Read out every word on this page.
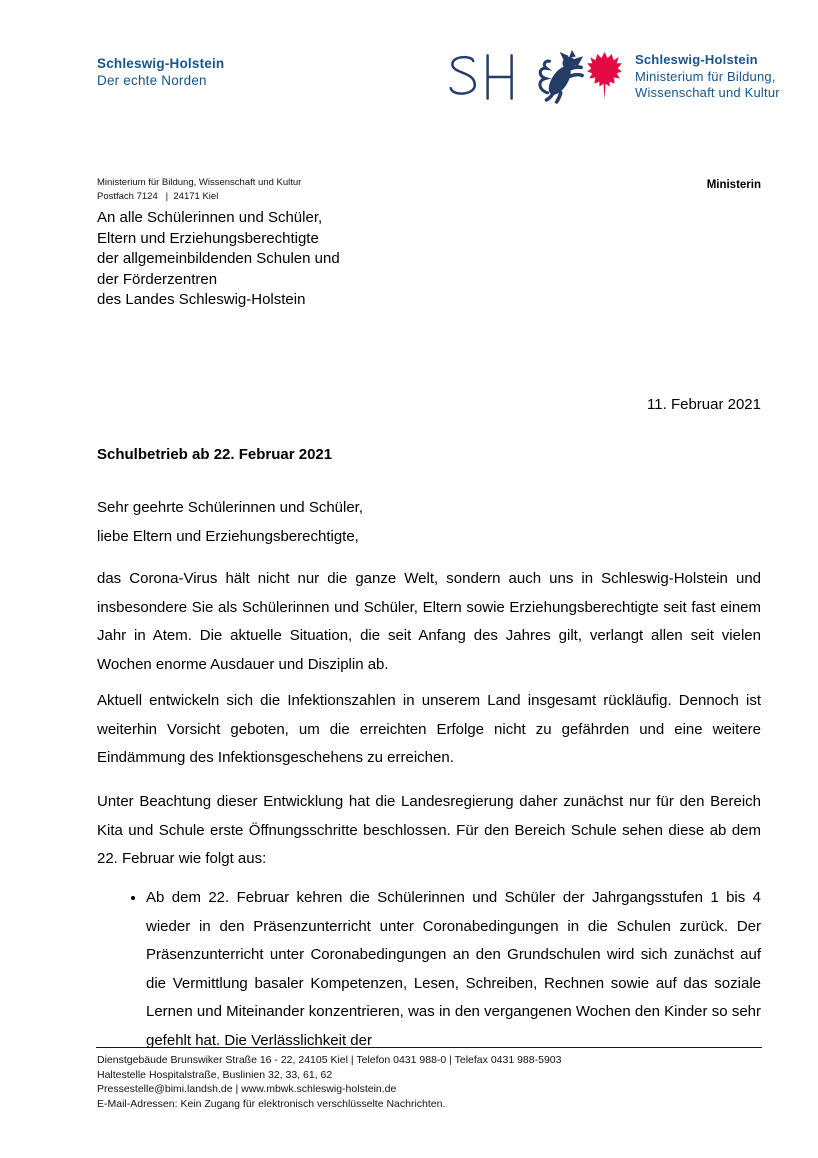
Schleswig-Holstein
Der echte Norden
Schleswig-Holstein
Ministerium für Bildung,
Wissenschaft und Kultur
Ministerium für Bildung, Wissenschaft und Kultur
Postfach 7124   |  24171 Kiel
Ministerin
An alle Schülerinnen und Schüler,
Eltern und Erziehungsberechtigte
der allgemeinbildenden Schulen und
der Förderzentren
des Landes Schleswig-Holstein
11. Februar 2021
Schulbetrieb ab 22. Februar 2021
Sehr geehrte Schülerinnen und Schüler,
liebe Eltern und Erziehungsberechtigte,
das Corona-Virus hält nicht nur die ganze Welt, sondern auch uns in Schleswig-Holstein und insbesondere Sie als Schülerinnen und Schüler, Eltern sowie Erziehungsberechtigte seit fast einem Jahr in Atem. Die aktuelle Situation, die seit Anfang des Jahres gilt, verlangt allen seit vielen Wochen enorme Ausdauer und Disziplin ab.
Aktuell entwickeln sich die Infektionszahlen in unserem Land insgesamt rückläufig. Dennoch ist weiterhin Vorsicht geboten, um die erreichten Erfolge nicht zu gefährden und eine weitere Eindämmung des Infektionsgeschehens zu erreichen.
Unter Beachtung dieser Entwicklung hat die Landesregierung daher zunächst nur für den Bereich Kita und Schule erste Öffnungsschritte beschlossen. Für den Bereich Schule sehen diese ab dem 22. Februar wie folgt aus:
• Ab dem 22. Februar kehren die Schülerinnen und Schüler der Jahrgangsstufen 1 bis 4 wieder in den Präsenzunterricht unter Coronabedingungen in die Schulen zurück. Der Präsenzunterricht unter Coronabedingungen an den Grundschulen wird sich zunächst auf die Vermittlung basaler Kompetenzen, Lesen, Schreiben, Rechnen sowie auf das soziale Lernen und Miteinander konzentrieren, was in den vergangenen Wochen den Kinder so sehr gefehlt hat. Die Verlässlichkeit der
Dienstgebäude Brunswiker Straße 16 - 22, 24105 Kiel | Telefon 0431 988-0 | Telefax 0431 988-5903
Haltestelle Hospitalstraße, Buslinien 32, 33, 61, 62
Pressestelle@bimi.landsh.de | www.mbwk.schleswig-holstein.de
E-Mail-Adressen: Kein Zugang für elektronisch verschlüsselte Nachrichten.
